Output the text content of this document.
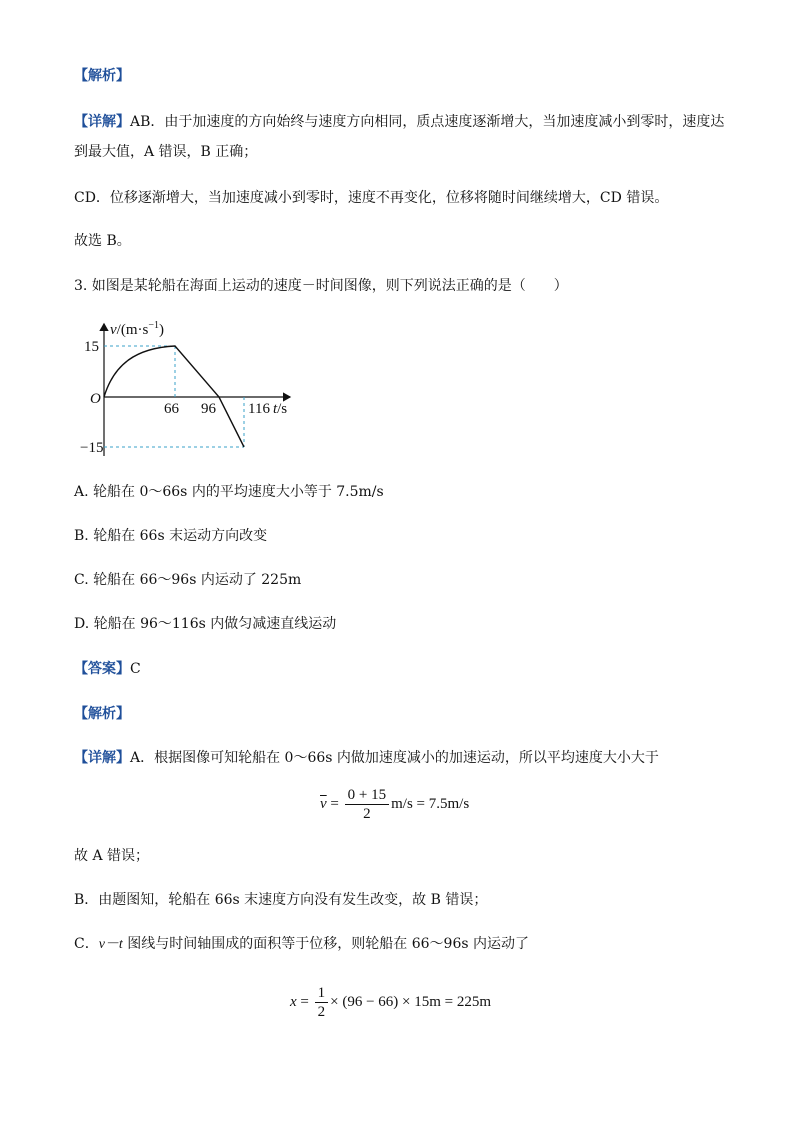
【解析】
【详解】AB．由于加速度的方向始终与速度方向相同，质点速度逐渐增大，当加速度减小到零时，速度达
到最大值，A 错误，B 正确；
CD．位移逐渐增大，当加速度减小到零时，速度不再变化，位移将随时间继续增大，CD 错误。
故选 B。
3. 如图是某轮船在海面上运动的速度－时间图像，则下列说法正确的是（　　）
$v/(m\cdot s^{-1})$
15
O
−15
66 96 116 t/s
A. 轮船在 0～66s 内的平均速度大小等于 7.5m/s
B. 轮船在 66s 末运动方向改变
C. 轮船在 66～96s 内运动了 225m
D. 轮船在 96～116s 内做匀减速直线运动
【答案】C
【解析】
【详解】A．根据图像可知轮船在 0～66s 内做加速度减小的加速运动，所以平均速度大小大于
$\overline{v} = \frac{0 + 15}{2} m/s = 7.5m/s$
故 A 错误；
B．由题图知，轮船在 66s 末速度方向没有发生改变，故 B 错误；
C．v－t 图线与时间轴围成的面积等于位移，则轮船在 66～96s 内运动了
$x = \frac{1}{2} \times (96 - 66) \times 15m = 225m$
